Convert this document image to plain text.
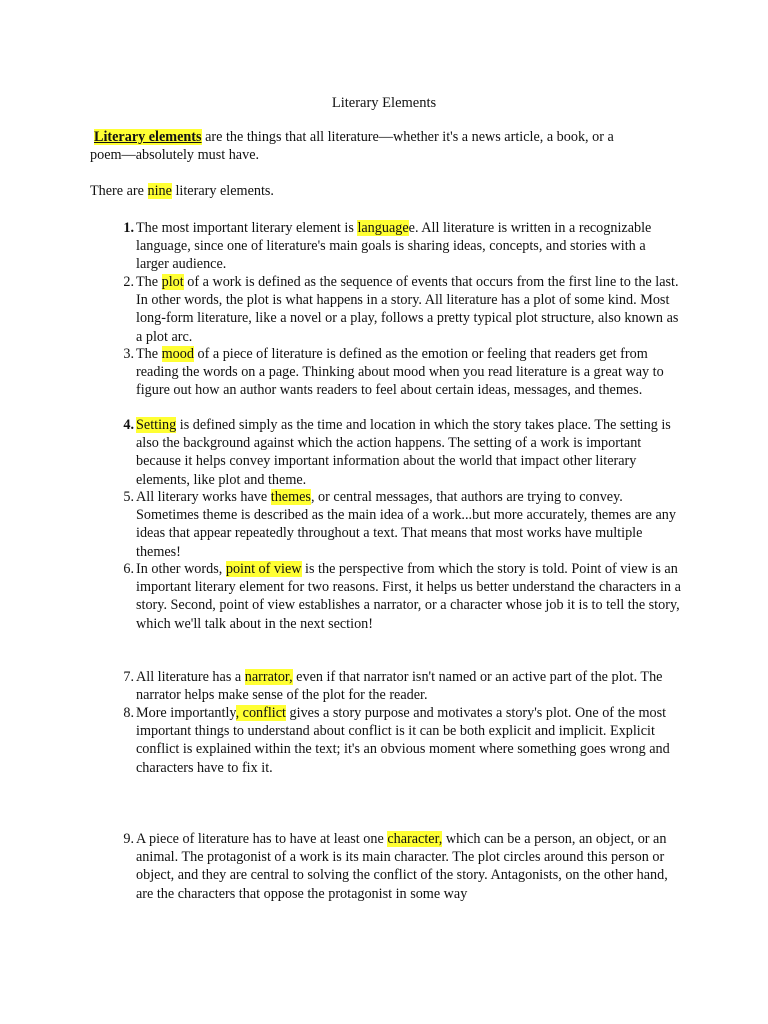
Literary Elements
Literary elements are the things that all literature—whether it's a news article, a book, or a
poem—absolutely must have.
There are nine literary elements.
1. The most important literary element is languagee. All literature is written in a recognizable language, since one of literature's main goals is sharing ideas, concepts, and stories with a larger audience.
2. The plot of a work is defined as the sequence of events that occurs from the first line to the last. In other words, the plot is what happens in a story. All literature has a plot of some kind. Most long-form literature, like a novel or a play, follows a pretty typical plot structure, also known as a plot arc.
3. The mood of a piece of literature is defined as the emotion or feeling that readers get from reading the words on a page. Thinking about mood when you read literature is a great way to figure out how an author wants readers to feel about certain ideas, messages, and themes.
4. Setting is defined simply as the time and location in which the story takes place. The setting is also the background against which the action happens. The setting of a work is important because it helps convey important information about the world that impact other literary elements, like plot and theme.
5. All literary works have themes, or central messages, that authors are trying to convey. Sometimes theme is described as the main idea of a work...but more accurately, themes are any ideas that appear repeatedly throughout a text. That means that most works have multiple themes!
6. In other words, point of view is the perspective from which the story is told. Point of view is an important literary element for two reasons. First, it helps us better understand the characters in a story. Second, point of view establishes a narrator, or a character whose job it is to tell the story, which we'll talk about in the next section!
7. All literature has a narrator, even if that narrator isn't named or an active part of the plot. The narrator helps make sense of the plot for the reader.
8. More importantly, conflict gives a story purpose and motivates a story's plot. One of the most important things to understand about conflict is it can be both explicit and implicit. Explicit conflict is explained within the text; it's an obvious moment where something goes wrong and characters have to fix it.
9. A piece of literature has to have at least one character, which can be a person, an object, or an animal. The protagonist of a work is its main character. The plot circles around this person or object, and they are central to solving the conflict of the story. Antagonists, on the other hand, are the characters that oppose the protagonist in some way
